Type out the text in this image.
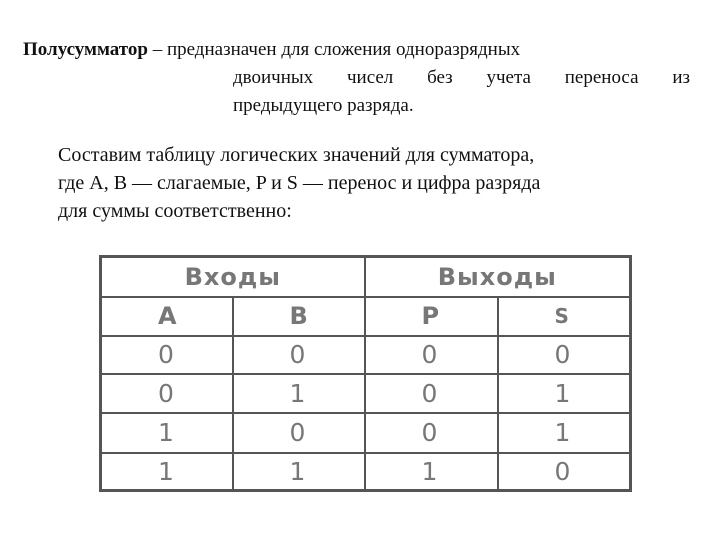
Полусумматор – предназначен для сложения одноразрядных
двоичных чисел без учета переноса из
предыдущего разряда.
Составим таблицу логических значений для сумматора,
где A, B — слагаемые, P и S — перенос и цифра разряда
для суммы соответственно:
Входы		Выходы	
A	B	P	S
0	0	0	0
0	1	0	1
1	0	0	1
1	1	1	0
